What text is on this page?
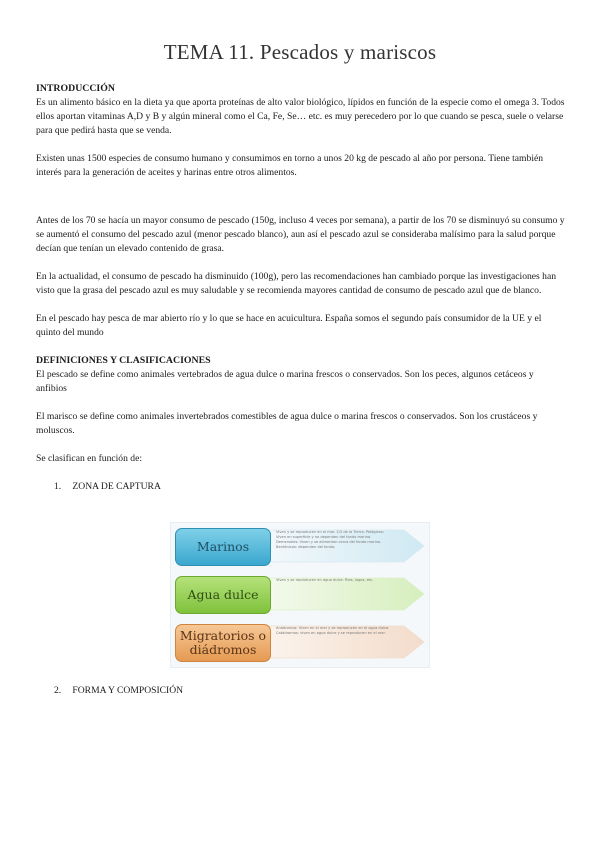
TEMA 11. Pescados y mariscos

INTRODUCCIÓN

Es un alimento básico en la dieta ya que aporta proteínas de alto valor biológico, lípidos en función de la especie como el omega 3. Todos ellos aportan vitaminas A,D y B y algún mineral como el Ca, Fe, Se… etc. es muy perecedero por lo que cuando se pesca, suele o velarse para que pedirá hasta que se venda.

Existen unas 1500 especies de consumo humano y consumimos en torno a unos 20 kg de pescado al año por persona. Tiene también interés para la generación de aceites y harinas entre otros alimentos.

Antes de los 70 se hacía un mayor consumo de pescado (150g, incluso 4 veces por semana), a partir de los 70 se disminuyó su consumo y se aumentó el consumo del pescado azul (menor pescado blanco), aun así el pescado azul se consideraba malísimo para la salud porque decían que tenían un elevado contenido de grasa.

En la actualidad, el consumo de pescado ha disminuido (100g), pero las recomendaciones han cambiado porque las investigaciones han visto que la grasa del pescado azul es muy saludable y se recomienda mayores cantidad de consumo de pescado azul que de blanco.

En el pescado hay pesca de mar abierto río y lo que se hace en acuicultura. España somos el segundo país consumidor de la UE y el quinto del mundo

DEFINICIONES Y CLASIFICACIONES

El pescado se define como animales vertebrados de agua dulce o marina frescos o conservados. Son los peces, algunos cetáceos y anfibios

El marisco se define como animales invertebrados comestibles de agua dulce o marina frescos o conservados. Son los crustáceos y moluscos.

Se clasifican en función de:

1. ZONA DE CAPTURA

2. FORMA Y COMPOSICIÓN

Marinos
Viven y se reproducen en el mar. 2/3 de la Tierra. Pelágicos: Viven en superficie y no dependen del fondo marino. Demersales: Viven y se alimentan cerca del fondo marino. Bentónicos: dependen del fondo.
Agua dulce
Viven y se reproducen en agua dulce. Ríos, lagos, etc.
Migratorios o diádromos
Anádromos: Viven en el mar y se reproducen en el agua dulce. Catádromos: viven en agua dulce y se reproducen en el mar.
